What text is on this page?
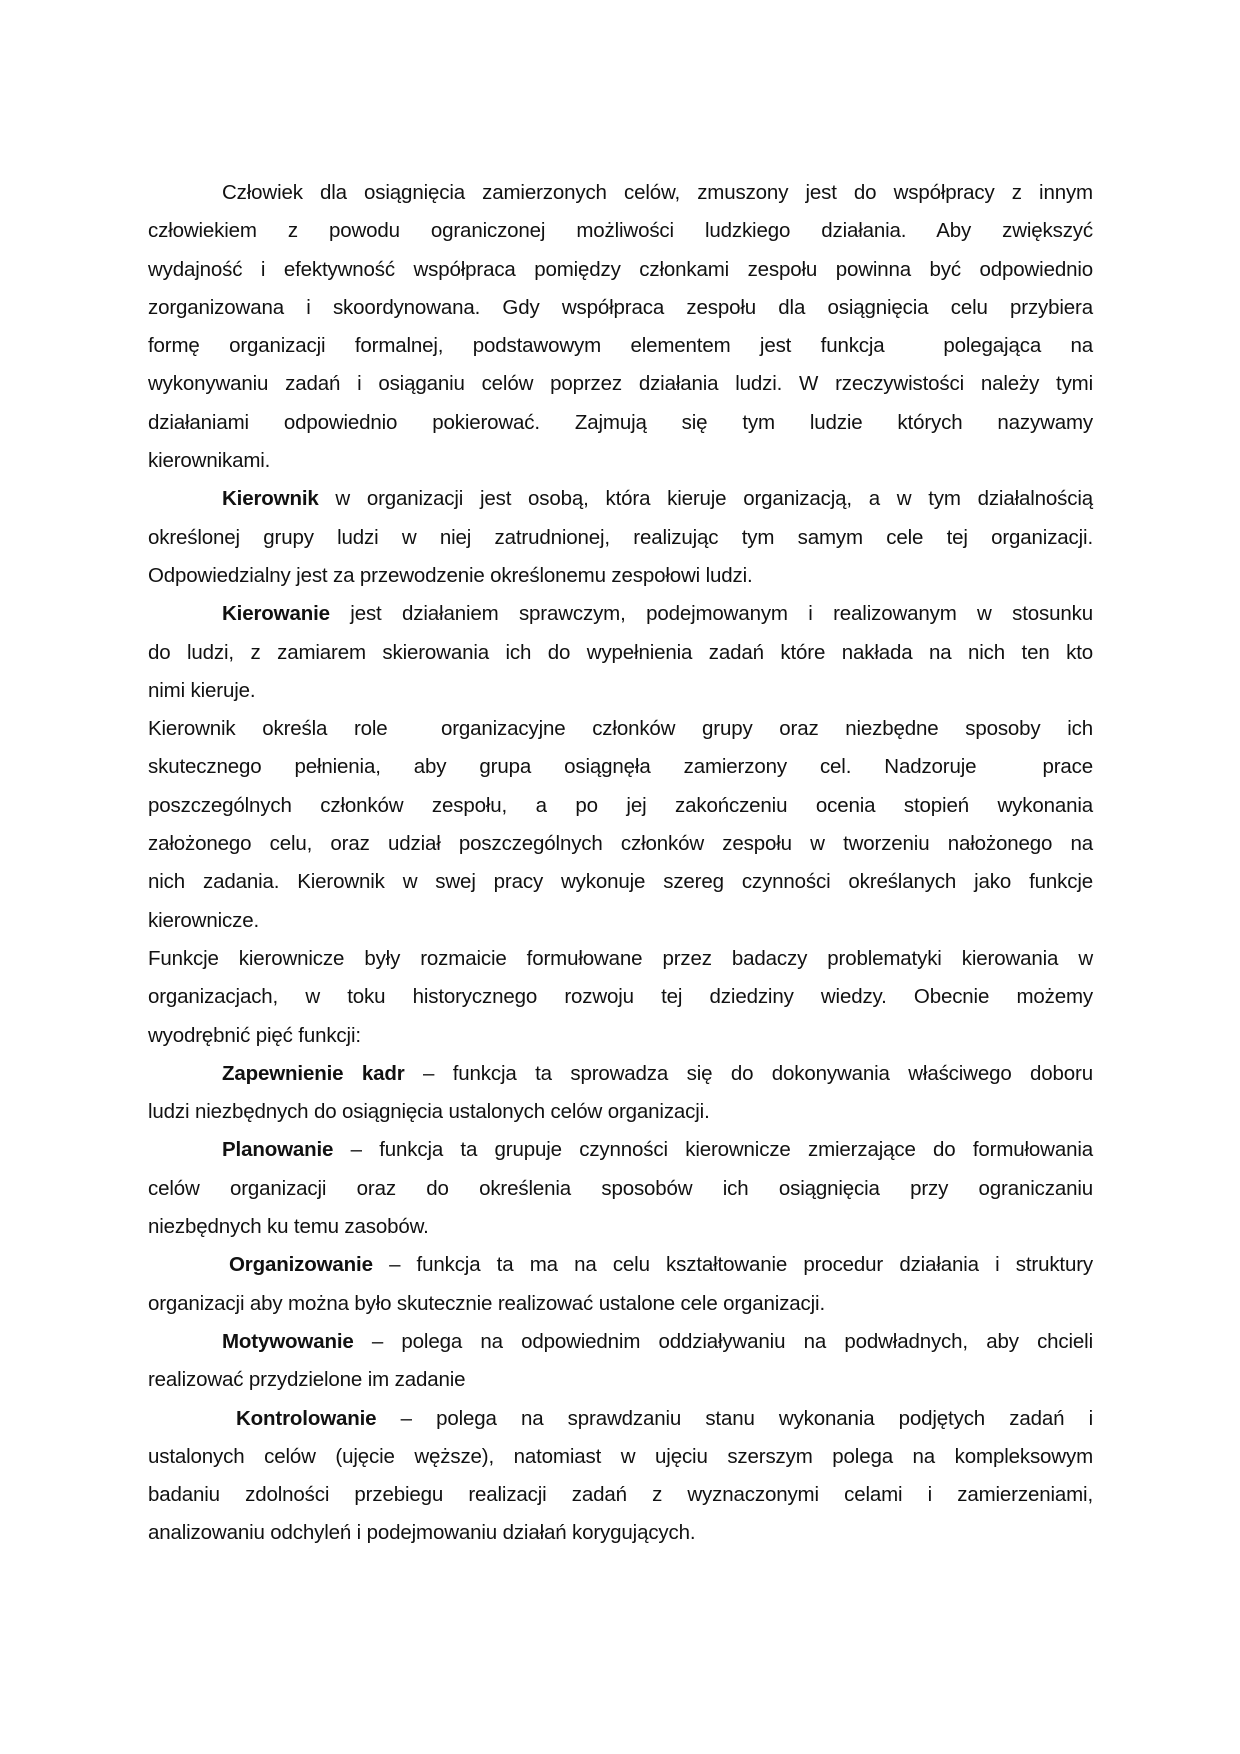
Człowiek dla osiągnięcia zamierzonych celów, zmuszony jest do współpracy z innym
człowiekiem z powodu ograniczonej możliwości ludzkiego działania. Aby zwiększyć
wydajność i efektywność współpraca pomiędzy członkami zespołu powinna być odpowiednio
zorganizowana i skoordynowana. Gdy współpraca zespołu dla osiągnięcia celu przybiera
formę organizacji formalnej, podstawowym elementem jest funkcja  polegająca na
wykonywaniu zadań i osiąganiu celów poprzez działania ludzi. W rzeczywistości należy tymi
działaniami odpowiednio pokierować. Zajmują się tym ludzie których nazywamy
kierownikami.
Kierownik w organizacji jest osobą, która kieruje organizacją, a w tym działalnością
określonej grupy ludzi w niej zatrudnionej, realizując tym samym cele tej organizacji.
Odpowiedzialny jest za przewodzenie określonemu zespołowi ludzi.
Kierowanie jest działaniem sprawczym, podejmowanym i realizowanym w stosunku
do ludzi, z zamiarem skierowania ich do wypełnienia zadań które nakłada na nich ten kto
nimi kieruje.
Kierownik określa role  organizacyjne członków grupy oraz niezbędne sposoby ich
skutecznego pełnienia, aby grupa osiągnęła zamierzony cel. Nadzoruje  prace
poszczególnych członków zespołu, a po jej zakończeniu ocenia stopień wykonania
założonego celu, oraz udział poszczególnych członków zespołu w tworzeniu nałożonego na
nich zadania. Kierownik w swej pracy wykonuje szereg czynności określanych jako funkcje
kierownicze.
Funkcje kierownicze były rozmaicie formułowane przez badaczy problematyki kierowania w
organizacjach, w toku historycznego rozwoju tej dziedziny wiedzy. Obecnie możemy
wyodrębnić pięć funkcji:
Zapewnienie kadr – funkcja ta sprowadza się do dokonywania właściwego doboru
ludzi niezbędnych do osiągnięcia ustalonych celów organizacji.
Planowanie – funkcja ta grupuje czynności kierownicze zmierzające do formułowania
celów organizacji oraz do określenia sposobów ich osiągnięcia przy ograniczaniu
niezbędnych ku temu zasobów.
Organizowanie – funkcja ta ma na celu kształtowanie procedur działania i struktury
organizacji aby można było skutecznie realizować ustalone cele organizacji.
Motywowanie – polega na odpowiednim oddziaływaniu na podwładnych, aby chcieli
realizować przydzielone im zadanie
Kontrolowanie – polega na sprawdzaniu stanu wykonania podjętych zadań i
ustalonych celów (ujęcie węższe), natomiast w ujęciu szerszym polega na kompleksowym
badaniu zdolności przebiegu realizacji zadań z wyznaczonymi celami i zamierzeniami,
analizowaniu odchyleń i podejmowaniu działań korygujących.
